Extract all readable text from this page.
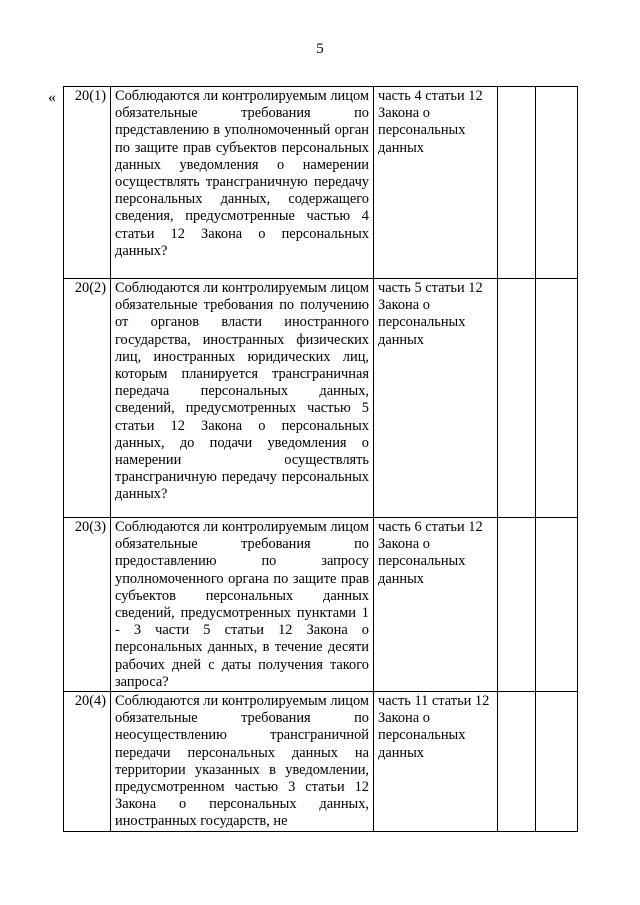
5
« 20(1)	Соблюдаются ли контролируемым лицом обязательные требования по представлению в уполномоченный орган по защите прав субъектов персональных данных уведомления о намерении осуществлять трансграничную передачу персональных данных, содержащего сведения, предусмотренные частью 4 статьи 12 Закона о персональных данных?	часть 4 статьи 12 Закона о персональных данных		
20(2)	Соблюдаются ли контролируемым лицом обязательные требования по получению от органов власти иностранного государства, иностранных физических лиц, иностранных юридических лиц, которым планируется трансграничная передача персональных данных, сведений, предусмотренных частью 5 статьи 12 Закона о персональных данных, до подачи уведомления о намерении осуществлять трансграничную передачу персональных данных?	часть 5 статьи 12 Закона о персональных данных		
20(3)	Соблюдаются ли контролируемым лицом обязательные требования по предоставлению по запросу уполномоченного органа по защите прав субъектов персональных данных сведений, предусмотренных пунктами 1 - 3 части 5 статьи 12 Закона о персональных данных, в течение десяти рабочих дней с даты получения такого запроса?	часть 6 статьи 12 Закона о персональных данных		
20(4)	Соблюдаются ли контролируемым лицом обязательные требования по неосуществлению трансграничной передачи персональных данных на территории указанных в уведомлении, предусмотренном частью 3 статьи 12 Закона о персональных данных, иностранных государств, не	часть 11 статьи 12 Закона о персональных данных		
